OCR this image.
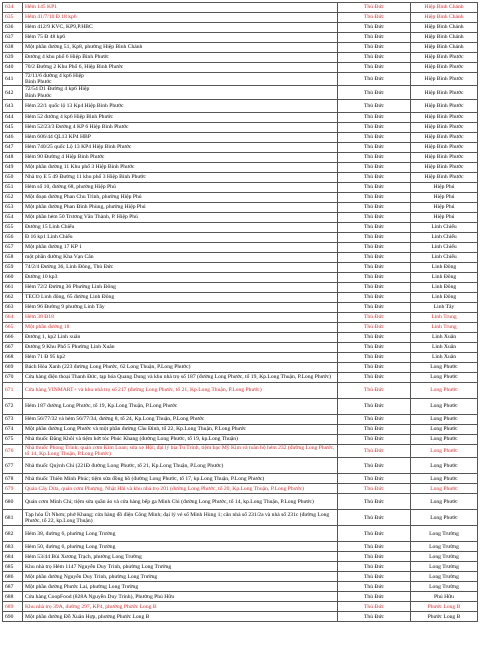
634	Hẻm 145 KP1	Thủ Đức	Hiệp Bình Chánh
635	Hẻm 41/7/10 Đ 18 kp6	Thủ Đức	Hiệp Bình Chánh
636	Hẻm 412/9 KVC, KP9,P.HBC	Thủ Đức	Hiệp Bình Chánh
637	Hẻm 75 Đ 48 kp6	Thủ Đức	Hiệp Bình Chánh
638	Một phần đường 51, Kp8, phường Hiệp Bình Chánh	Thủ Đức	Hiệp Bình Chánh
639	Đường 4 khu phố 6 Hiệp Bình Phước	Thủ Đức	Hiệp Bình Phước
640	70/2 Đường 2 Khu Phố 6, Hiệp Bình Phước	Thủ Đức	Hiệp Bình Phước
641	72/11/6 đường 4 kp6 Hiệp
Bình Phước	Thủ Đức	Hiệp Bình Phước
642	72/54 D1 Đường 4 kp6 Hiệp
Bình Phước	Thủ Đức	Hiệp Bình Phước
643	Hẻm 22/1 quốc lộ 13 Kp4 Hiệp Bình Phước	Thủ Đức	Hiệp Bình Phước
644	Hẻm 52 đường 4 kp6 Hiệp Bình Phước	Thủ Đức	Hiệp Bình Phước
645	Hẻm 52/23/3 Đường 4 KP 6 Hiệp Bình Phước	Thủ Đức	Hiệp Bình Phước
646	Hẻm 606/44 QL13 KP4 HBP	Thủ Đức	Hiệp Bình Phước
647	Hẻm 740/25 quốc Lộ 13 KP4 Hiệp Bình Phước	Thủ Đức	Hiệp Bình Phước
648	Hẻm 90 Đường 4 Hiệp Bình Phước	Thủ Đức	Hiệp Bình Phước
649	Một phần đường 11 Khu phố 3 Hiệp Bình Phước	Thủ Đức	Hiệp Bình Phước
650	Nhà trọ E 5 49 Đường 11 khu phố 3 Hiệp Bình Phước	Thủ Đức	Hiệp Bình Phước
651	Hẻm số 10, đường 68, phường Hiệp Phú	Thủ Đức	Hiệp Phú
652	Một đoạn đường Phan Chu Trinh, phường Hiệp Phú	Thủ Đức	Hiệp Phú
653	Một phần đường Phan Đình Phùng, phường Hiệp Phú	Thủ Đức	Hiệp Phú
654	Một phần hẻm 50 Trương Văn Thành, P. Hiệp Phú	Thủ Đức	Hiệp Phú
655	Đường 15 Linh Chiểu	Thủ Đức	Linh Chiểu
656	Đ 16 kp1 Linh Chiểu	Thủ Đức	Linh Chiểu
657	Một phần đường 17 KP 1	Thủ Đức	Linh Chiểu
658	một phần đường Kha Vạn Cân	Thủ Đức	Linh Chiểu
659	74/2/4 Đường 36, Linh Đông, Thủ Đức	Thủ Đức	Linh Đông
660	Đường 10 kp3	Thủ Đức	Linh Đông
661	Hẻm 72/2 Đường 36 Phường Linh Đông	Thủ Đức	Linh Đông
662	TECO Linh đông, 65 đường Linh Đông	Thủ Đức	Linh Đông
663	Hẻm 96 Đường 9 phường Linh Tây	Thủ Đức	Linh Tây
664	Hẻm 38 Đ18	Thủ Đức	Linh Trung
665	Một phần đường 18	Thủ Đức	Linh Trung
666	Đường 1, kp2 Linh xuân	Thủ Đức	Linh Xuân
667	Đường 9 Khu Phố 5 Phường Linh Xuân	Thủ Đức	Linh Xuân
668	Hẻm 71 Đ 95 kp2	Thủ Đức	Linh Xuân
669	Bách Hóa Xanh (223 đường Long Phước, 62 Long Thuận, P.Long Phước)	Thủ Đức	Long Phước
670	Cửa hàng điện thoại Thanh Đức, tạp hóa Quang Dung và khu nhà trọ số 187 (đường Long Phước, tổ 19, Kp.Long Thuận, P.Long Phước)	Thủ Đức	Long Phước
671	Cửa hàng VINMART+ và khu nhà trọ số 217 (đường Long Phước, tổ 21, Kp.Long Thuận, P.Long Phước)	Thủ Đức	Long Phước
672	Hẻm 187 đường Long Phước, tổ 19, Kp.Long Thuận, P.Long Phước	Thủ Đức	Long Phước
673	Hẻm 56/77/32 và hẻm 56/77/34, đường 8, tổ 24, Kp.Long Thuận, P.Long Phước	Thủ Đức	Long Phước
674	Một phần đường Long Phước và một phần đường Cầu Đình, tổ 22, Kp.Long Thuận, P.Long Phước	Thủ Đức	Long Phước
675	Nhà thuốc Đăng Khôi và tiệm hớt tóc Phúc Khang (đường Long Phước, tổ 19, kp.Long Thuận)	Thủ Đức	Long Phước
676	Nhà thuốc Phong Trinh; quán cơm Kim Loan; sửa xe Hội; đại lý bia Tú Trinh, tiệm bạc Mỹ Kim và toàn bộ hẻm 232 (đường Long Phước, tổ 14, Kp.Long Thuận, P.Long Phước)	Thủ Đức	Long Phước
677	Nhà thuốc Quỳnh Chi (221Đ đường Long Phước, tổ 21, Kp.Long Thuận, P.Long Phước)	Thủ Đức	Long Phước
678	Nhà thuốc Thiên Minh Phúc; tiệm sửa đồng hồ (đường Long Phước, tổ 17, kp.Long Thuận, P.Long Phước)	Thủ Đức	Long Phước
679	Quán Cây Dừa, quán cơm Phượng, Nhật Hải và khu nhà trọ 201 (đường Long Phước, tổ 20, Kp.Long Thuận, P.Long Phước)	Thủ Đức	Long Phước
680	Quán cơm Minh Chi; tiệm sửa quần áo và cửa hàng bếp ga Minh Chi (đường Long Phước, tổ 14, kp.Long Thuận, P.Long Phước)	Thủ Đức	Long Phước
681	Tạp hóa Út Nhơn; phở Khang; cửa hàng đồ điện Công Minh; đại lý vé số Minh Hùng 1; căn nhà số 231/2a và nhà số 231c (đường Long Phước, tổ 22, kp.Long Thuận)	Thủ Đức	Long Phước
682	Hẻm 38, đường 6, phường Long Trường	Thủ Đức	Long Trường
683	Hẻm 50, đường 6, phường Long Trường	Thủ Đức	Long Trường
684	Hẻm 53/44 Bùi Xương Trạch, phường Long Trường	Thủ Đức	Long Trường
685	Khu nhà trọ Hẻm 1147 Nguyễn Duy Trinh, phường Long Trường	Thủ Đức	Long Trường
686	Một phần đường Nguyễn Duy Trinh, phường Long Trường	Thủ Đức	Long Trường
687	Một phần đường Phước Lai, phường Long Trường	Thủ Đức	Long Trường
688	Cửa hàng CoopFood (828A Nguyễn Duy Trinh), Phường Phú Hữu	Thủ Đức	Phú Hữu
689	Khu nhà trọ 39A, đường 297, KP4, phường Phước Long B	Thủ Đức	Phước Long B
690	Một phần đường Đỗ Xuân Hợp, phường Phước Long B	Thủ Đức	Phước Long B
